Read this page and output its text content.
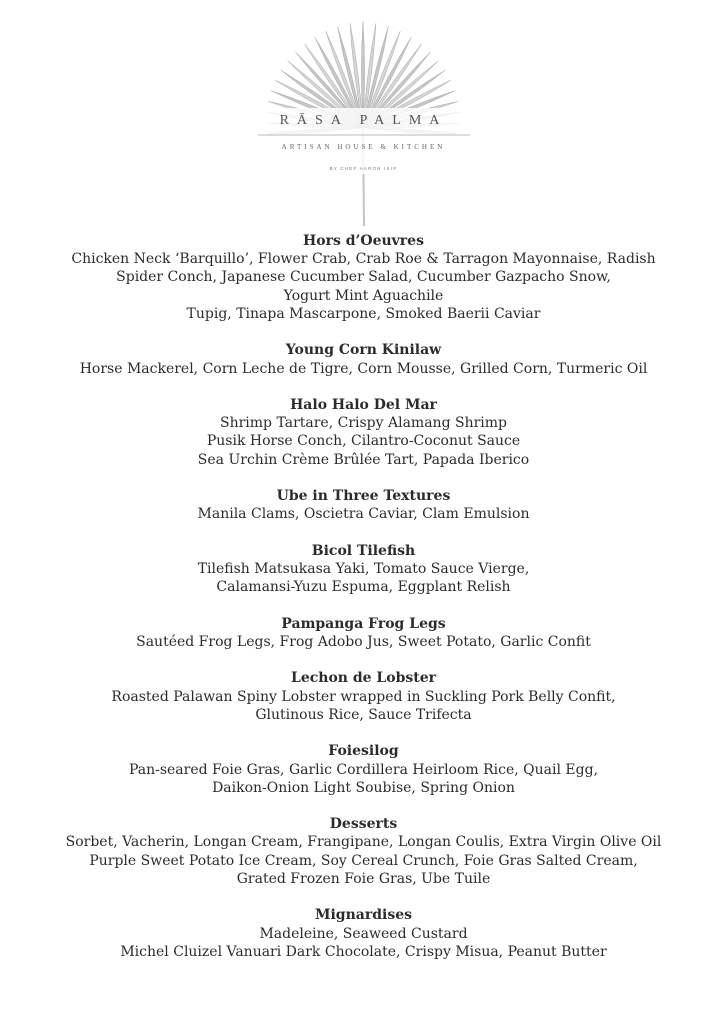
RĀSA PALMA
ARTISAN HOUSE & KITCHEN
BY CHEF AARON ISIP
Hors d’Oeuvres
Chicken Neck ‘Barquillo’, Flower Crab, Crab Roe & Tarragon Mayonnaise, Radish
Spider Conch, Japanese Cucumber Salad, Cucumber Gazpacho Snow,
Yogurt Mint Aguachile
Tupig, Tinapa Mascarpone, Smoked Baerii Caviar
Young Corn Kinilaw
Horse Mackerel, Corn Leche de Tigre, Corn Mousse, Grilled Corn, Turmeric Oil
Halo Halo Del Mar
Shrimp Tartare, Crispy Alamang Shrimp
Pusik Horse Conch, Cilantro-Coconut Sauce
Sea Urchin Crème Brûlée Tart, Papada Iberico
Ube in Three Textures
Manila Clams, Oscietra Caviar, Clam Emulsion
Bicol Tilefish
Tilefish Matsukasa Yaki, Tomato Sauce Vierge,
Calamansi-Yuzu Espuma, Eggplant Relish
Pampanga Frog Legs
Sautéed Frog Legs, Frog Adobo Jus, Sweet Potato, Garlic Confit
Lechon de Lobster
Roasted Palawan Spiny Lobster wrapped in Suckling Pork Belly Confit,
Glutinous Rice, Sauce Trifecta
Foiesilog
Pan-seared Foie Gras, Garlic Cordillera Heirloom Rice, Quail Egg,
Daikon-Onion Light Soubise, Spring Onion
Desserts
Sorbet, Vacherin, Longan Cream, Frangipane, Longan Coulis, Extra Virgin Olive Oil
Purple Sweet Potato Ice Cream, Soy Cereal Crunch, Foie Gras Salted Cream,
Grated Frozen Foie Gras, Ube Tuile
Mignardises
Madeleine, Seaweed Custard
Michel Cluizel Vanuari Dark Chocolate, Crispy Misua, Peanut Butter
